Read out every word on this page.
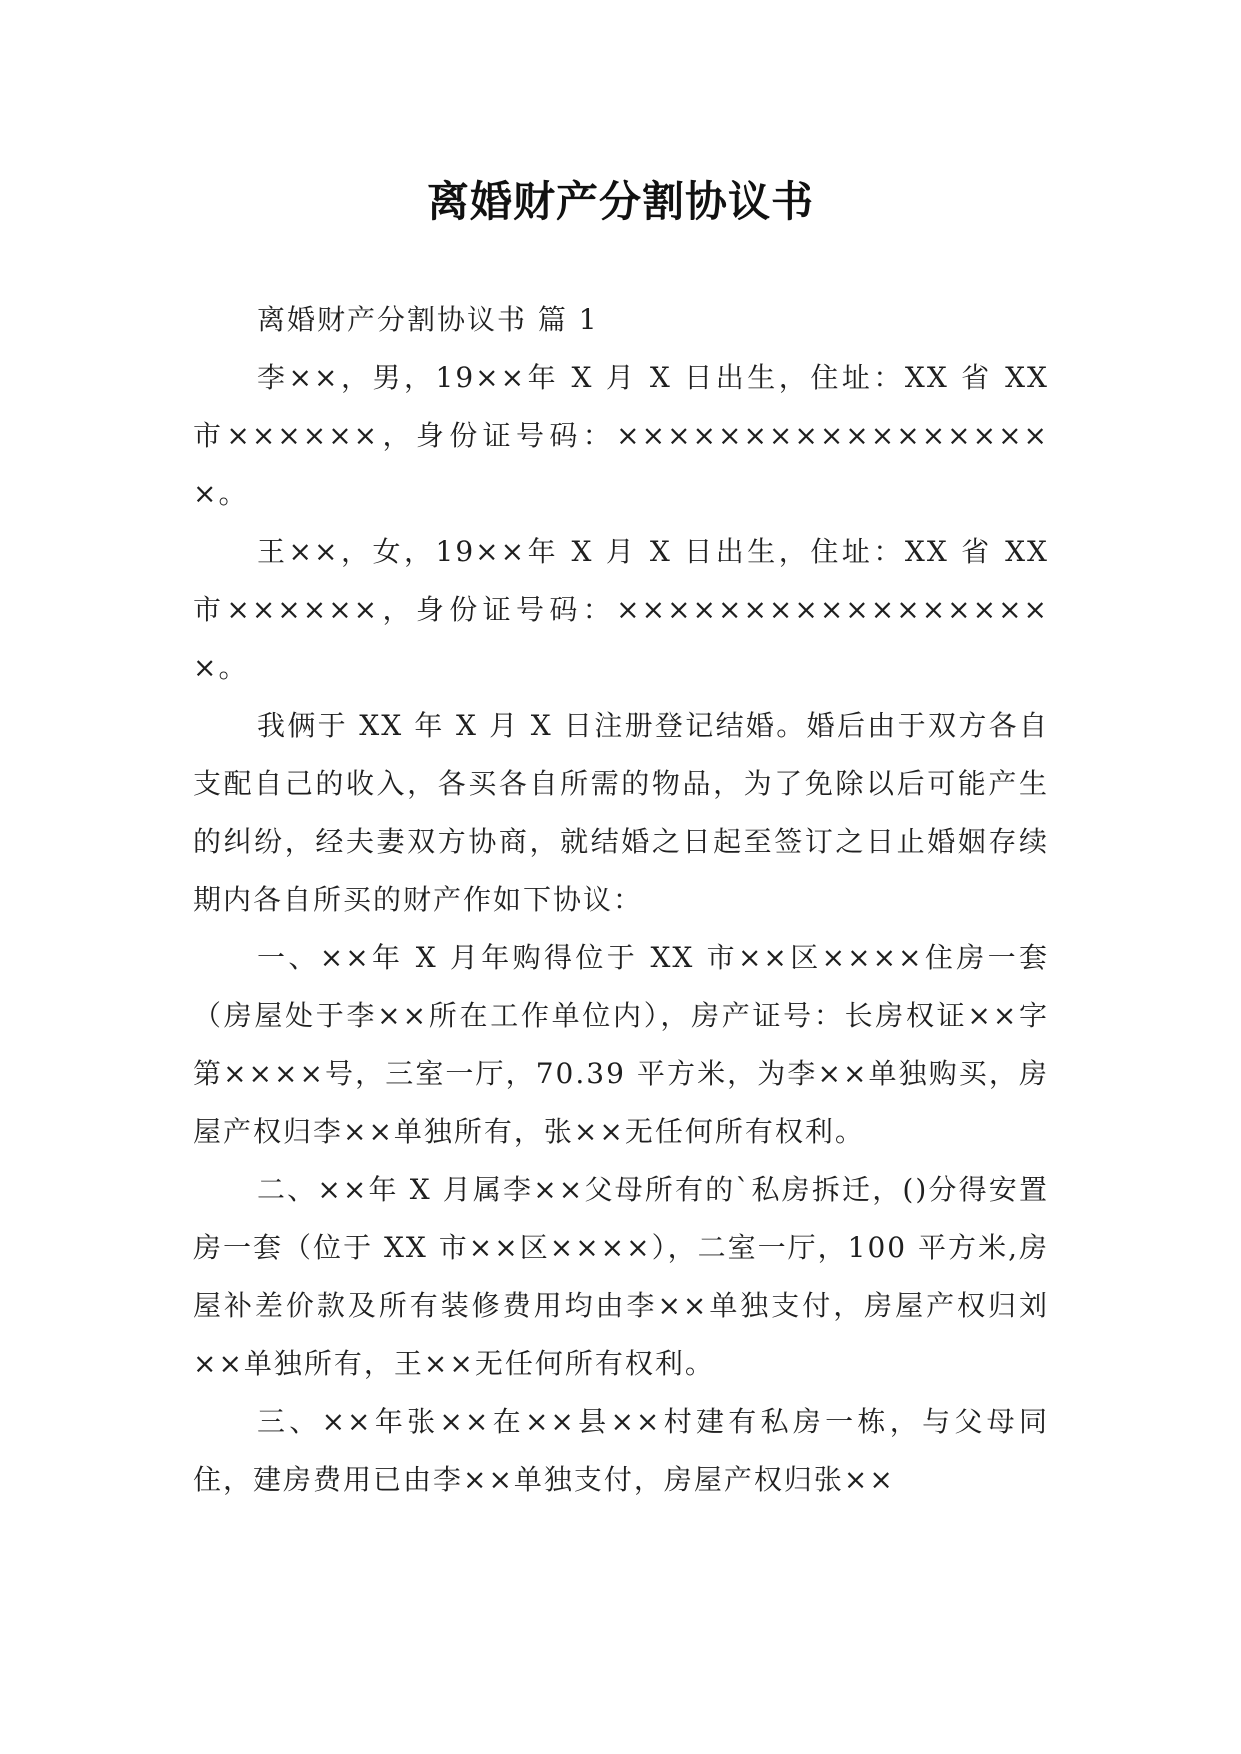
离婚财产分割协议书

离婚财产分割协议书 篇 1

李××，男，19××年 X 月 X 日出生，住址：XX 省 XX 市××××××，身份证号码：××××××××××××××××××。

王××，女，19××年 X 月 X 日出生，住址：XX 省 XX 市××××××，身份证号码：××××××××××××××××××。

我俩于 XX 年 X 月 X 日注册登记结婚。婚后由于双方各自支配自己的收入，各买各自所需的物品，为了免除以后可能产生的纠纷，经夫妻双方协商，就结婚之日起至签订之日止婚姻存续期内各自所买的财产作如下协议：

一、××年 X 月年购得位于 XX 市××区××××住房一套（房屋处于李××所在工作单位内），房产证号：长房权证××字第××××号，三室一厅，70.39 平方米，为李××单独购买，房屋产权归李××单独所有，张××无任何所有权利。

二、××年 X 月属李××父母所有的`私房拆迁，()分得安置房一套（位于 XX 市××区××××），二室一厅，100 平方米,房屋补差价款及所有装修费用均由李××单独支付，房屋产权归刘××单独所有，王××无任何所有权利。

三、××年张××在××县××村建有私房一栋，与父母同住，建房费用已由李××单独支付，房屋产权归张××
